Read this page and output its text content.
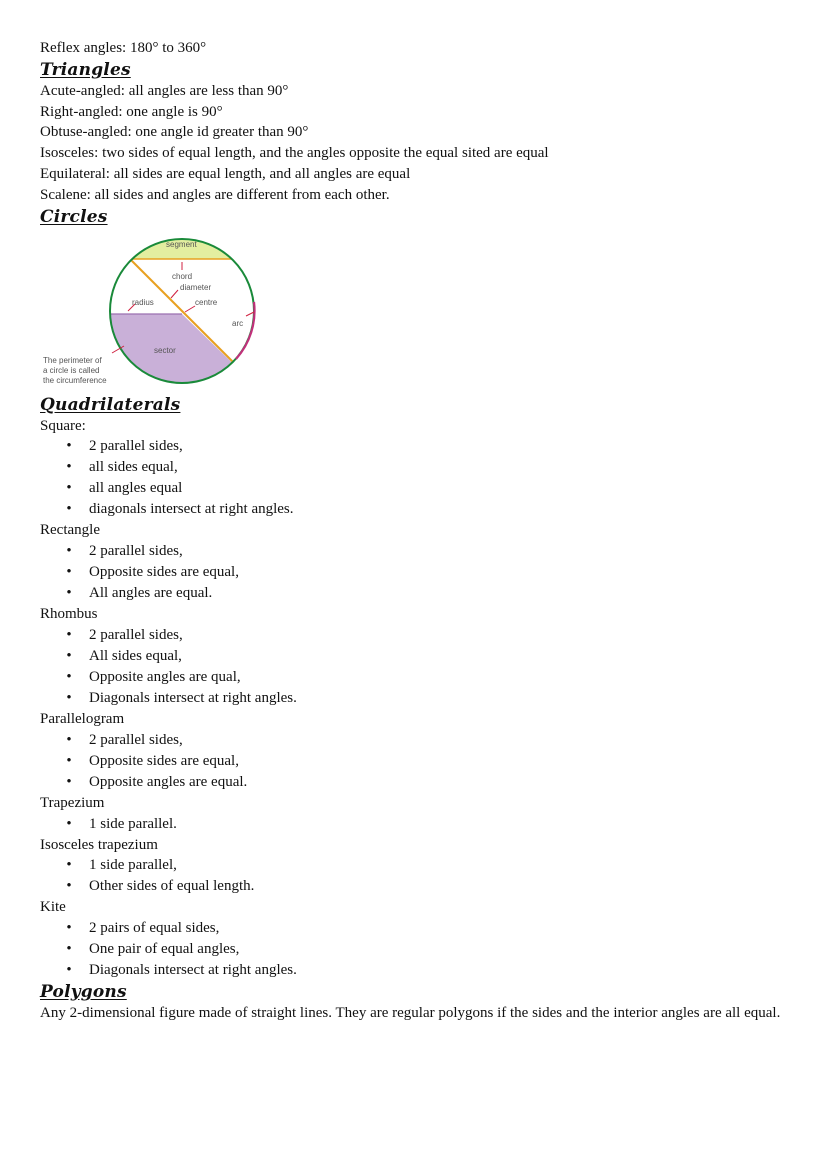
Reflex angles: 180° to 360°
Triangles
Acute-angled: all angles are less than 90°
Right-angled: one angle is 90°
Obtuse-angled: one angle id greater than 90°
Isosceles: two sides of equal length, and the angles opposite the equal sited are equal
Equilateral: all sides are equal length, and all angles are equal
Scalene: all sides and angles are different from each other.
Circles
segment
chord
diameter
centre
radius
arc
sector
The perimeter of
a circle is called
the circumference
Quadrilaterals
Square:
• 2 parallel sides,
• all sides equal,
• all angles equal
• diagonals intersect at right angles.
Rectangle
• 2 parallel sides,
• Opposite sides are equal,
• All angles are equal.
Rhombus
• 2 parallel sides,
• All sides equal,
• Opposite angles are qual,
• Diagonals intersect at right angles.
Parallelogram
• 2 parallel sides,
• Opposite sides are equal,
• Opposite angles are equal.
Trapezium
• 1 side parallel.
Isosceles trapezium
• 1 side parallel,
• Other sides of equal length.
Kite
• 2 pairs of equal sides,
• One pair of equal angles,
• Diagonals intersect at right angles.
Polygons
Any 2-dimensional figure made of straight lines. They are regular polygons if the sides and the interior angles are all equal.
